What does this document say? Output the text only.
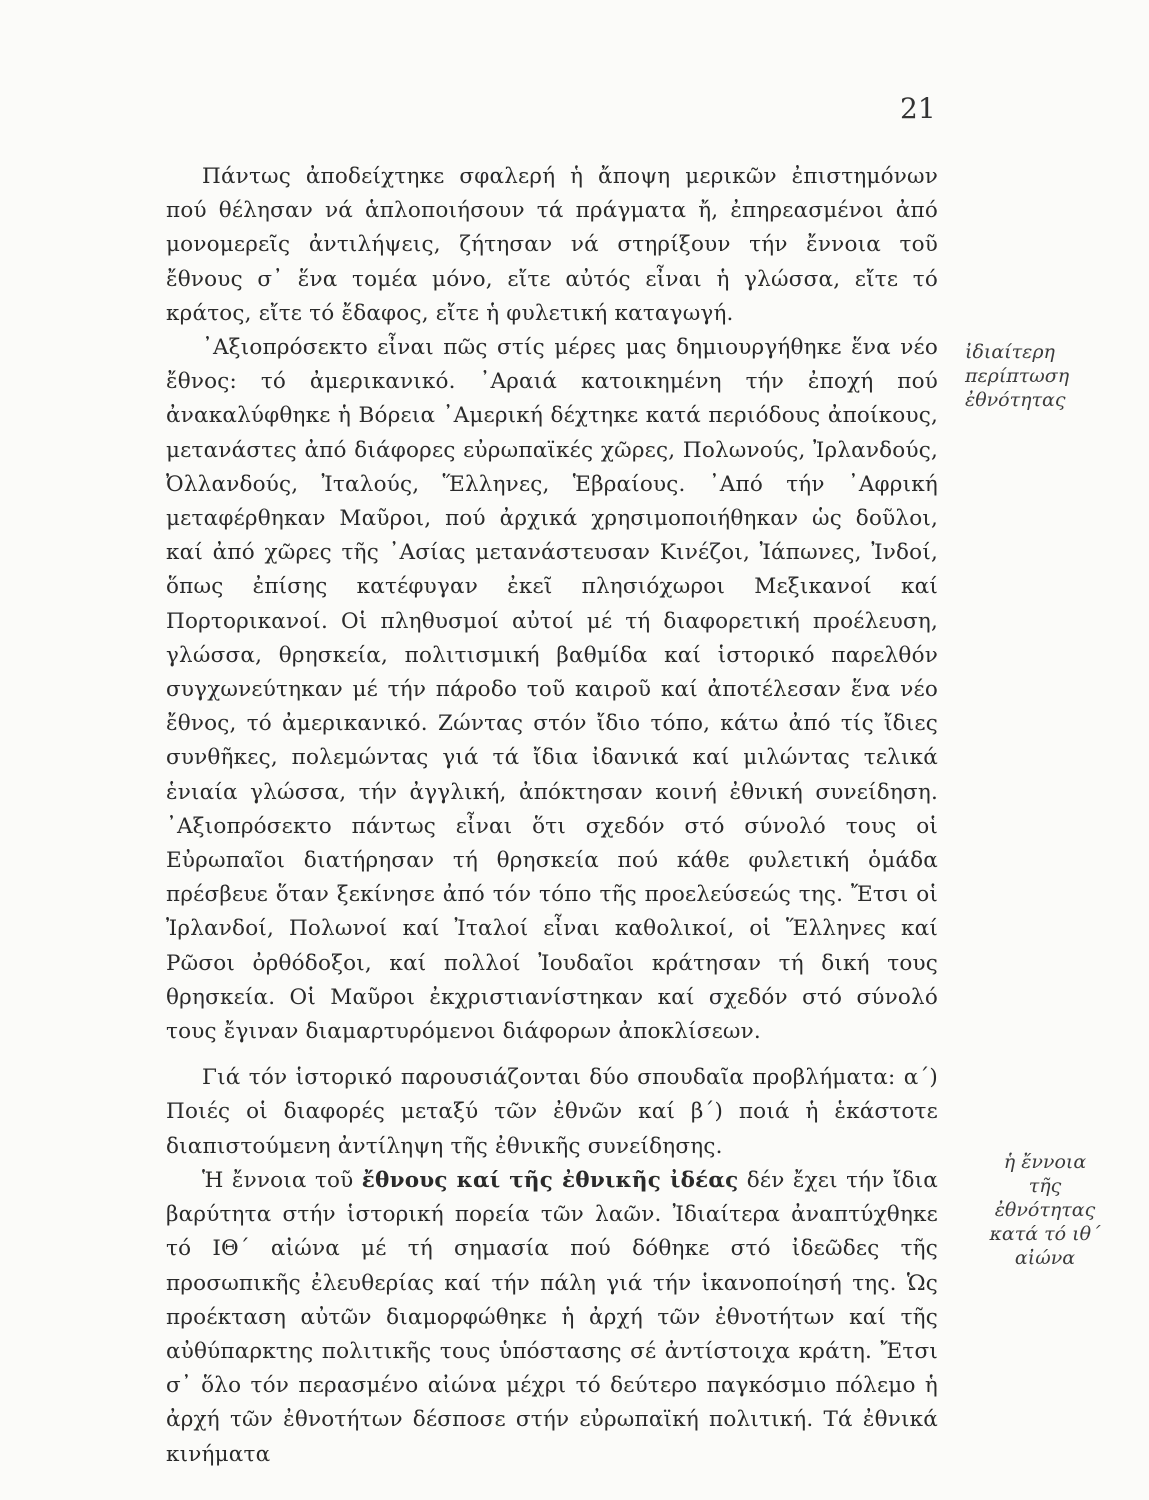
21

Πάντως ἀποδείχτηκε σφαλερή ἡ ἄποψη μερικῶν ἐπιστημόνων πού θέλησαν νά ἁπλοποιήσουν τά πράγματα ἤ, ἐπηρεασμένοι ἀπό μονομερεῖς ἀντιλήψεις, ζήτησαν νά στηρίξουν τήν ἔννοια τοῦ ἔθνους σ᾽ ἕνα τομέα μόνο, εἴτε αὐτός εἶναι ἡ γλώσσα, εἴτε τό κράτος, εἴτε τό ἔδαφος, εἴτε ἡ φυλετική καταγωγή.

᾽Αξιοπρόσεκτο εἶναι πῶς στίς μέρες μας δημιουργήθηκε ἕνα νέο ἔθνος: τό ἀμερικανικό. ᾽Αραιά κατοικημένη τήν ἐποχή πού ἀνακαλύφθηκε ἡ Βόρεια ᾽Αμερική δέχτηκε κατά περιόδους ἀποίκους, μετανάστες ἀπό διάφορες εὐρωπαϊκές χῶρες, Πολωνούς, Ἰρλανδούς, Ὀλλανδούς, Ἰταλούς, Ἕλληνες, Ἑβραίους. ᾽Από τήν ᾽Αφρική μεταφέρθηκαν Μαῦροι, πού ἀρχικά χρησιμοποιήθηκαν ὡς δοῦλοι, καί ἀπό χῶρες τῆς ᾽Ασίας μετανάστευσαν Κινέζοι, Ἰάπωνες, Ἰνδοί, ὅπως ἐπίσης κατέφυγαν ἐκεῖ πλησιόχωροι Μεξικανοί καί Πορτορικανοί. Οἱ πληθυσμοί αὐτοί μέ τή διαφορετική προέλευση, γλώσσα, θρησκεία, πολιτισμική βαθμίδα καί ἱστορικό παρελθόν συγχωνεύτηκαν μέ τήν πάροδο τοῦ καιροῦ καί ἀποτέλεσαν ἕνα νέο ἔθνος, τό ἀμερικανικό. Ζώντας στόν ἴδιο τόπο, κάτω ἀπό τίς ἴδιες συνθῆκες, πολεμώντας γιά τά ἴδια ἰδανικά καί μιλώντας τελικά ἑνιαία γλώσσα, τήν ἀγγλική, ἀπόκτησαν κοινή ἐθνική συνείδηση. ᾽Αξιοπρόσεκτο πάντως εἶναι ὅτι σχεδόν στό σύνολό τους οἱ Εὐρωπαῖοι διατήρησαν τή θρησκεία πού κάθε φυλετική ὁμάδα πρέσβευε ὅταν ξεκίνησε ἀπό τόν τόπο τῆς προελεύσεώς της. Ἔτσι οἱ Ἰρλανδοί, Πολωνοί καί Ἰταλοί εἶναι καθολικοί, οἱ Ἕλληνες καί Ρῶσοι ὀρθόδοξοι, καί πολλοί Ἰουδαῖοι κράτησαν τή δική τους θρησκεία. Οἱ Μαῦροι ἐκχριστιανίστηκαν καί σχεδόν στό σύνολό τους ἔγιναν διαμαρτυρόμενοι διάφορων ἀποκλίσεων.

Γιά τόν ἱστορικό παρουσιάζονται δύο σπουδαῖα προβλήματα: α΄) Ποιές οἱ διαφορές μεταξύ τῶν ἐθνῶν καί β΄) ποιά ἡ ἑκάστοτε διαπιστούμενη ἀντίληψη τῆς ἐθνικῆς συνείδησης.

Ἡ ἔννοια τοῦ ἔθνους καί τῆς ἐθνικῆς ἰδέας δέν ἔχει τήν ἴδια βαρύτητα στήν ἱστορική πορεία τῶν λαῶν. Ἰδιαίτερα ἀναπτύχθηκε τό ΙΘ΄ αἰώνα μέ τή σημασία πού δόθηκε στό ἰδεῶδες τῆς προσωπικῆς ἐλευθερίας καί τήν πάλη γιά τήν ἱκανοποίησή της. Ὡς προέκταση αὐτῶν διαμορφώθηκε ἡ ἀρχή τῶν ἐθνοτήτων καί τῆς αὐθύπαρκτης πολιτικῆς τους ὑπόστασης σέ ἀντίστοιχα κράτη. Ἔτσι σ᾽ ὅλο τόν περασμένο αἰώνα μέχρι τό δεύτερο παγκόσμιο πόλεμο ἡ ἀρχή τῶν ἐθνοτήτων δέσποσε στήν εὐρωπαϊκή πολιτική. Τά ἐθνικά κινήματα

ἰδιαίτερη
περίπτωση
ἐθνότητας
ἡ ἔννοια
τῆς ἐθνότητας
κατά τό ιθ΄
αἰώνα
